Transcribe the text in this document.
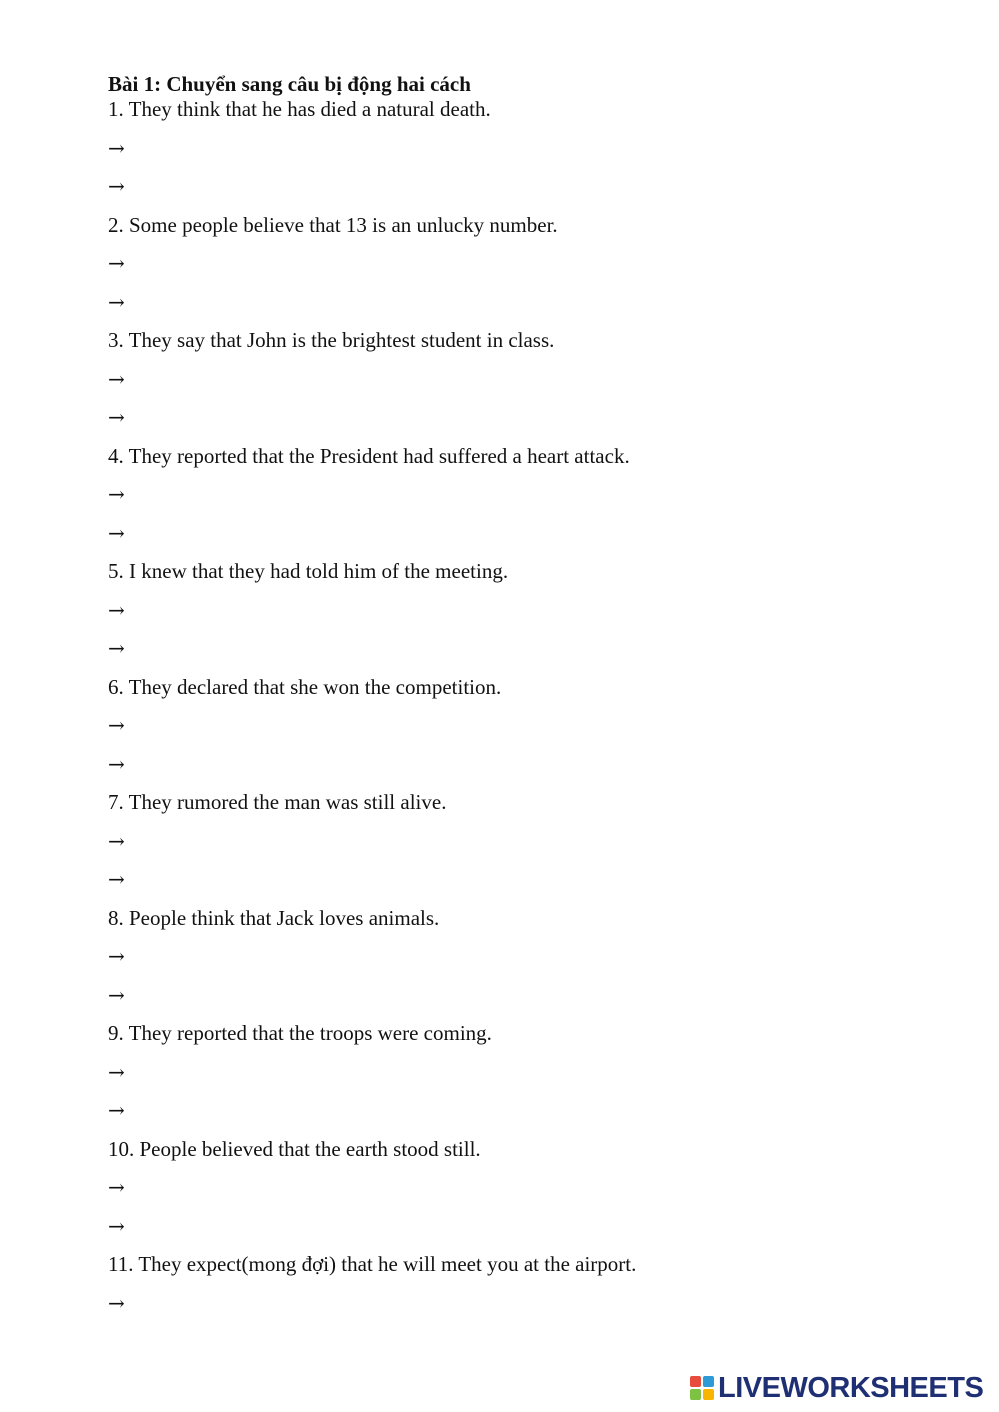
Bài 1: Chuyển sang câu bị động hai cách
1. They think that he has died a natural death.
→
→
2. Some people believe that 13 is an unlucky number.
→
→
3. They say that John is the brightest student in class.
→
→
4. They reported that the President had suffered a heart attack.
→
→
5. I knew that they had told him of the meeting.
→
→
6. They declared that she won the competition.
→
→
7. They rumored the man was still alive.
→
→
8. People think that Jack loves animals.
→
→
9. They reported that the troops were coming.
→
→
10. People believed that the earth stood still.
→
→
11. They expect(mong đợi) that he will meet you at the airport.
→
LIVEWORKSHEETS
